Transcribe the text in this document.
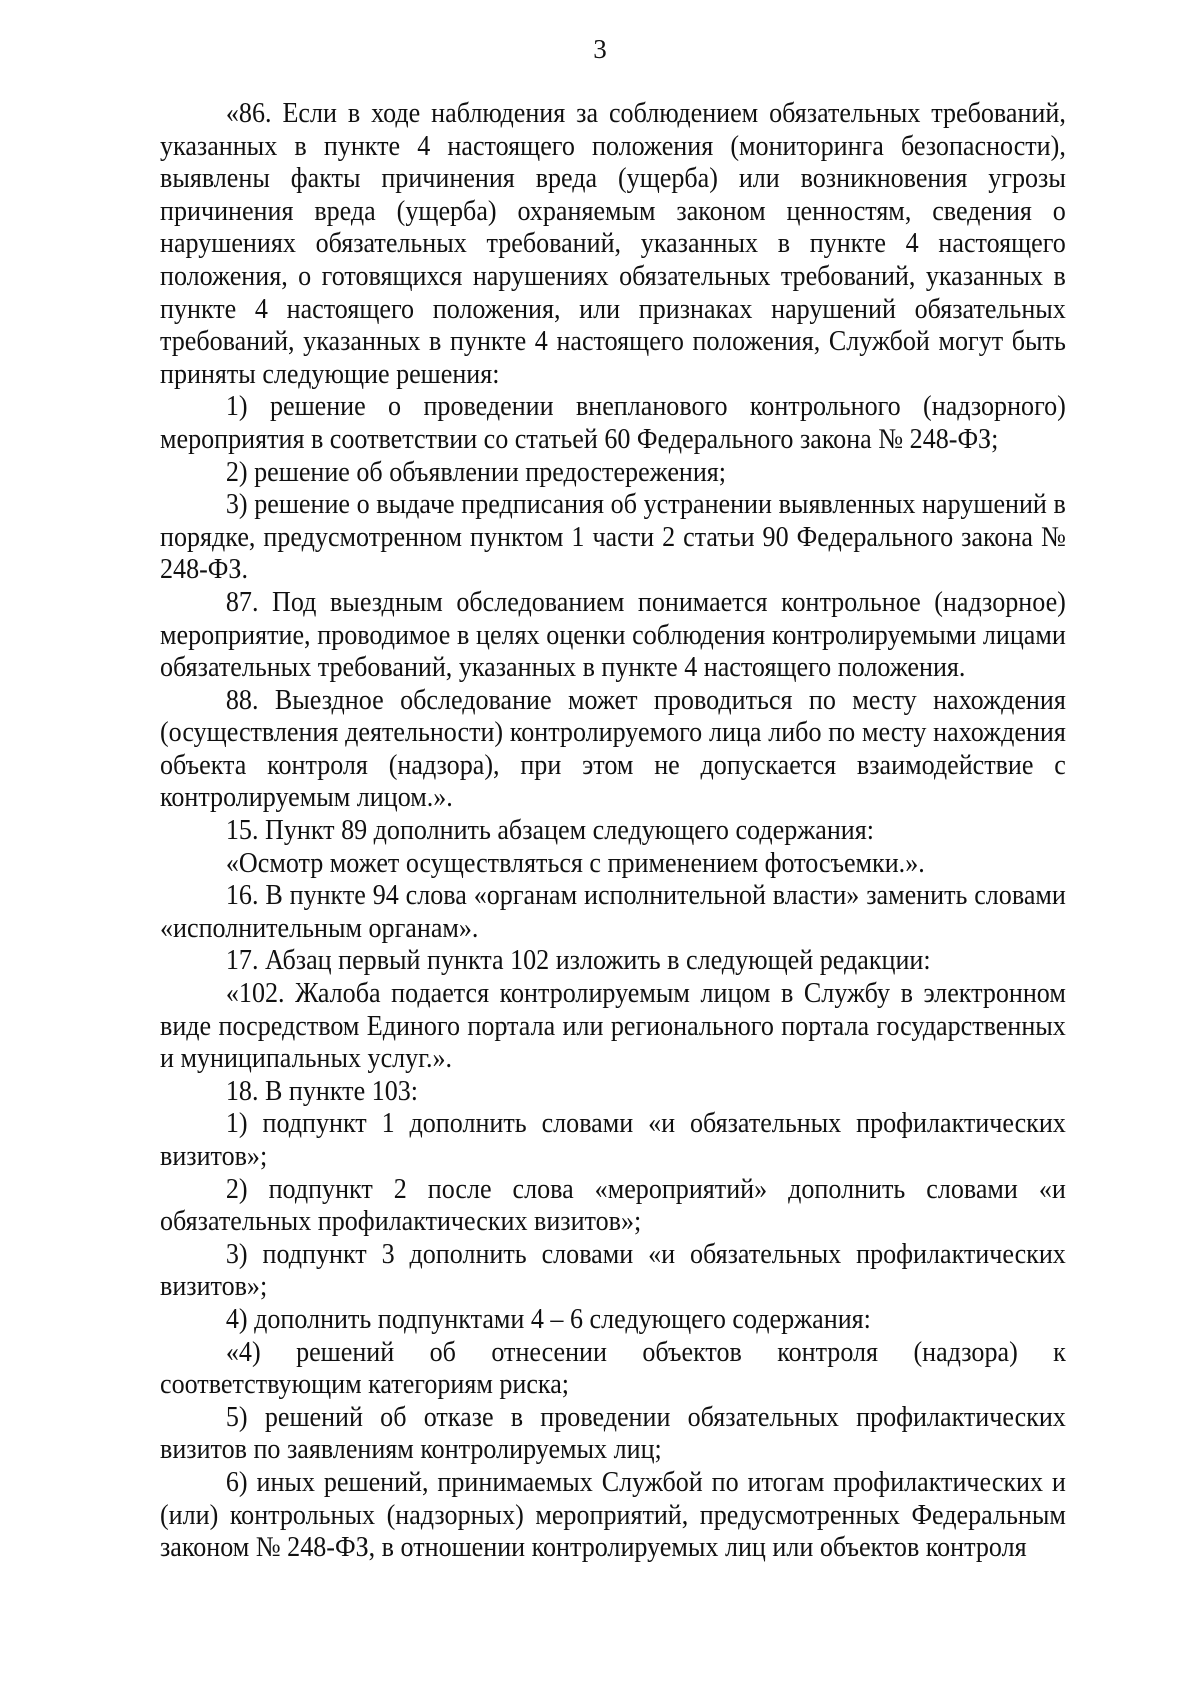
3

«86. Если в ходе наблюдения за соблюдением обязательных требований, указанных в пункте 4 настоящего положения (мониторинга безопасности), выявлены факты причинения вреда (ущерба) или возникновения угрозы причинения вреда (ущерба) охраняемым законом ценностям, сведения о нарушениях обязательных требований, указанных в пункте 4 настоящего положения, о готовящихся нарушениях обязательных требований, указанных в пункте 4 настоящего положения, или признаках нарушений обязательных требований, указанных в пункте 4 настоящего положения, Службой могут быть приняты следующие решения:

1) решение о проведении внепланового контрольного (надзорного) мероприятия в соответствии со статьей 60 Федерального закона № 248-ФЗ;

2) решение об объявлении предостережения;

3) решение о выдаче предписания об устранении выявленных нарушений в порядке, предусмотренном пунктом 1 части 2 статьи 90 Федерального закона № 248-ФЗ.

87. Под выездным обследованием понимается контрольное (надзорное) мероприятие, проводимое в целях оценки соблюдения контролируемыми лицами обязательных требований, указанных в пункте 4 настоящего положения.

88. Выездное обследование может проводиться по месту нахождения (осуществления деятельности) контролируемого лица либо по месту нахождения объекта контроля (надзора), при этом не допускается взаимодействие с контролируемым лицом.».

15. Пункт 89 дополнить абзацем следующего содержания:

«Осмотр может осуществляться с применением фотосъемки.».

16. В пункте 94 слова «органам исполнительной власти» заменить словами «исполнительным органам».

17. Абзац первый пункта 102 изложить в следующей редакции:

«102. Жалоба подается контролируемым лицом в Службу в электронном виде посредством Единого портала или регионального портала государственных и муниципальных услуг.».

18. В пункте 103:

1) подпункт 1 дополнить словами «и обязательных профилактических визитов»;

2) подпункт 2 после слова «мероприятий» дополнить словами «и обязательных профилактических визитов»;

3) подпункт 3 дополнить словами «и обязательных профилактических визитов»;

4) дополнить подпунктами 4 – 6 следующего содержания:

«4) решений об отнесении объектов контроля (надзора) к соответствующим категориям риска;

5) решений об отказе в проведении обязательных профилактических визитов по заявлениям контролируемых лиц;

6) иных решений, принимаемых Службой по итогам профилактических и (или) контрольных (надзорных) мероприятий, предусмотренных Федеральным законом № 248-ФЗ, в отношении контролируемых лиц или объектов контроля
